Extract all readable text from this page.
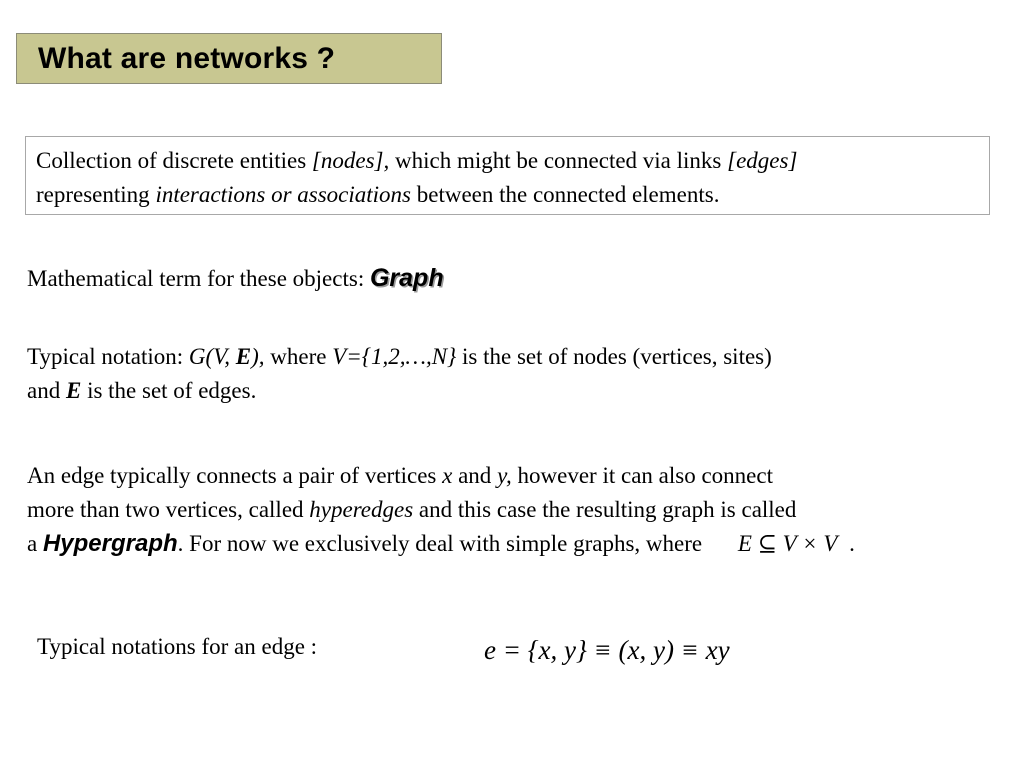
What are networks ?
Collection of discrete entities [nodes], which might be connected via links [edges]
representing interactions or associations between the connected elements.
Mathematical term for these objects: Graph
Typical notation: G(V, E), where V={1,2,…,N} is the set of nodes (vertices, sites)
and E is the set of edges.
An edge typically connects a pair of vertices x and y, however it can also connect
more than two vertices, called hyperedges and this case the resulting graph is called
a Hypergraph. For now we exclusively deal with simple graphs, where E ⊆ V × V .
Typical notations for an edge :	e = {x, y} ≡ (x, y) ≡ xy
